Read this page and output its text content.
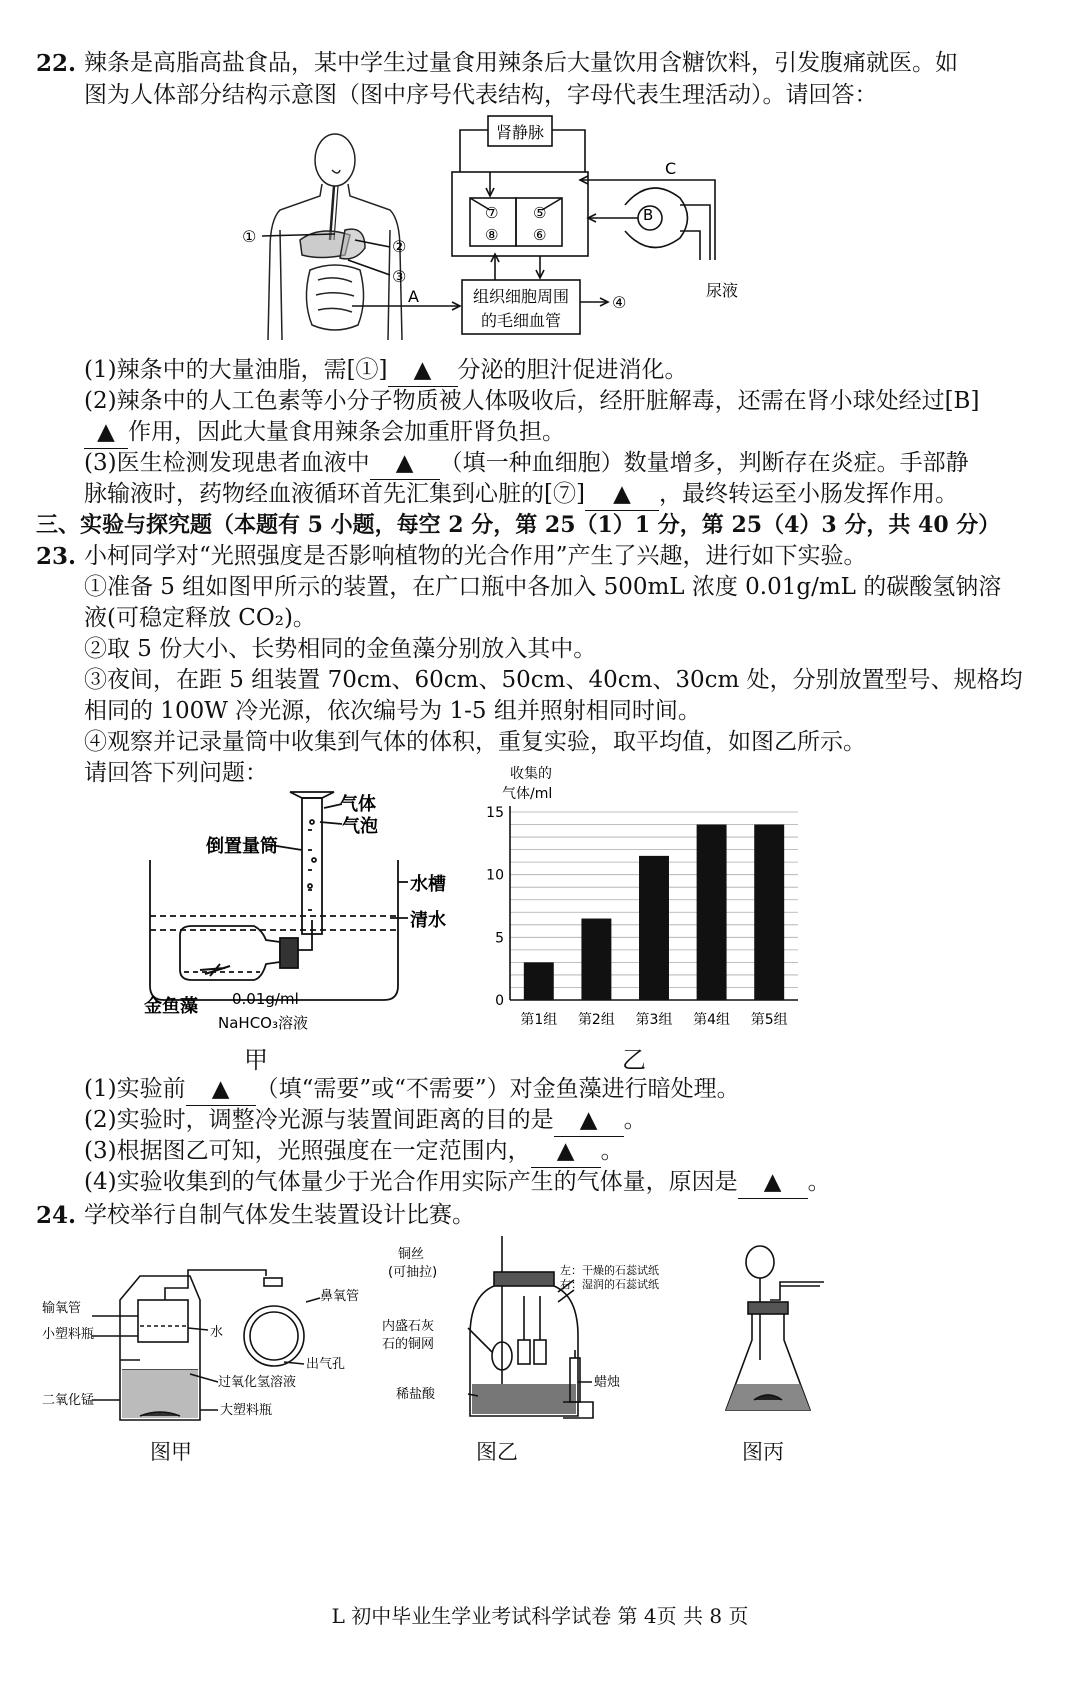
22. 辣条是高脂高盐食品，某中学生过量食用辣条后大量饮用含糖饮料，引发腹痛就医。如
图为人体部分结构示意图（图中序号代表结构，字母代表生理活动）。请回答：
肾静脉
组织细胞周围
的毛细血管
尿液
A
B
C
①
②
③
④
⑤
⑥
⑦
⑧
(1)辣条中的大量油脂，需[①] ▲ 分泌的胆汁促进消化。
(2)辣条中的人工色素等小分子物质被人体吸收后，经肝脏解毒，还需在肾小球处经过[B]
▲ 作用，因此大量食用辣条会加重肝肾负担。
(3)医生检测发现患者血液中 ▲ （填一种血细胞）数量增多，判断存在炎症。手部静
脉输液时，药物经血液循环首先汇集到心脏的[⑦] ▲ ，最终转运至小肠发挥作用。
三、实验与探究题（本题有 5 小题，每空 2 分，第 25（1）1 分，第 25（4）3 分，共 40 分）
23. 小柯同学对“光照强度是否影响植物的光合作用”产生了兴趣，进行如下实验。
①准备 5 组如图甲所示的装置，在广口瓶中各加入 500mL 浓度 0.01g/mL 的碳酸氢钠溶
液(可稳定释放 CO₂)。
②取 5 份大小、长势相同的金鱼藻分别放入其中。
③夜间，在距 5 组装置 70cm、60cm、50cm、40cm、30cm 处，分别放置型号、规格均
相同的 100W 冷光源，依次编号为 1-5 组并照射相同时间。
④观察并记录量筒中收集到气体的体积，重复实验，取平均值，如图乙所示。
请回答下列问题：
气体
气泡
倒置量筒
水槽
清水
金鱼藻 0.01g/ml
NaHCO₃溶液
甲
收集的
气体/ml
0
5
10
15
第1组 第2组 第3组 第4组 第5组
乙
(1)实验前 ▲ （填“需要”或“不需要”）对金鱼藻进行暗处理。
(2)实验时，调整冷光源与装置间距离的目的是 ▲ 。
(3)根据图乙可知，光照强度在一定范围内， ▲ 。
(4)实验收集到的气体量少于光合作用实际产生的气体量，原因是 ▲ 。
24. 学校举行自制气体发生装置设计比赛。
输氧管
小塑料瓶	水
鼻氧管
出气孔
过氧化氢溶液
二氧化锰
大塑料瓶
图甲
铜丝
(可抽拉)	左：干燥的石蕊试纸
右：湿润的石蕊试纸
内盛石灰
石的铜网
蜡烛
稀盐酸
图乙	图丙
L 初中毕业生学业考试科学试卷 第 4页 共 8 页
